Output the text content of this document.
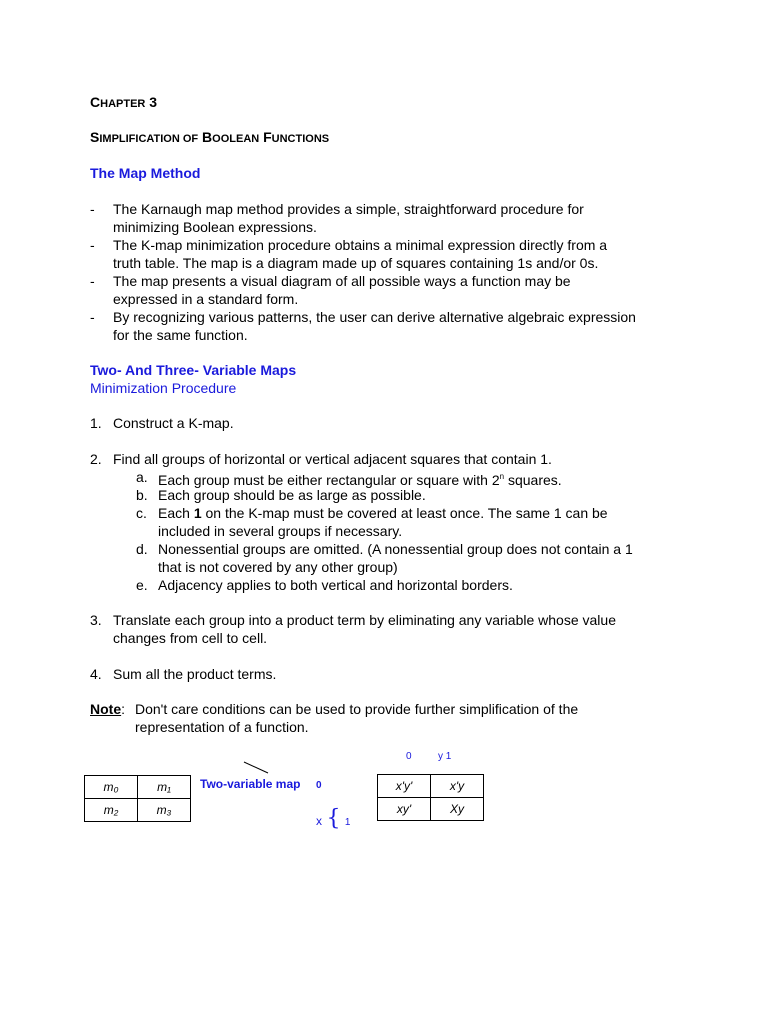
CHAPTER 3
SIMPLIFICATION OF BOOLEAN FUNCTIONS
The Map Method
- The Karnaugh map method provides a simple, straightforward procedure for
minimizing Boolean expressions.
- The K-map minimization procedure obtains a minimal expression directly from a
truth table. The map is a diagram made up of squares containing 1s and/or 0s.
- The map presents a visual diagram of all possible ways a function may be
expressed in a standard form.
- By recognizing various patterns, the user can derive alternative algebraic expression
for the same function.
Two- And Three- Variable Maps
Minimization Procedure
1. Construct a K-map.
2. Find all groups of horizontal or vertical adjacent squares that contain 1.
a. Each group must be either rectangular or square with 2$^n$ squares.
b. Each group should be as large as possible.
c. Each 1 on the K-map must be covered at least once. The same 1 can be
included in several groups if necessary.
d. Nonessential groups are omitted. (A nonessential group does not contain a 1
that is not covered by any other group)
e. Adjacency applies to both vertical and horizontal borders.
3. Translate each group into a product term by eliminating any variable whose value
changes from cell to cell.
4. Sum all the product terms.
Note: Don't care conditions can be used to provide further simplification of the
representation of a function.
m₀	m₁
m₂	m₃
Two-variable map 0
0	y 1
x { 1
x'y'	x'y
xy'	Xy
